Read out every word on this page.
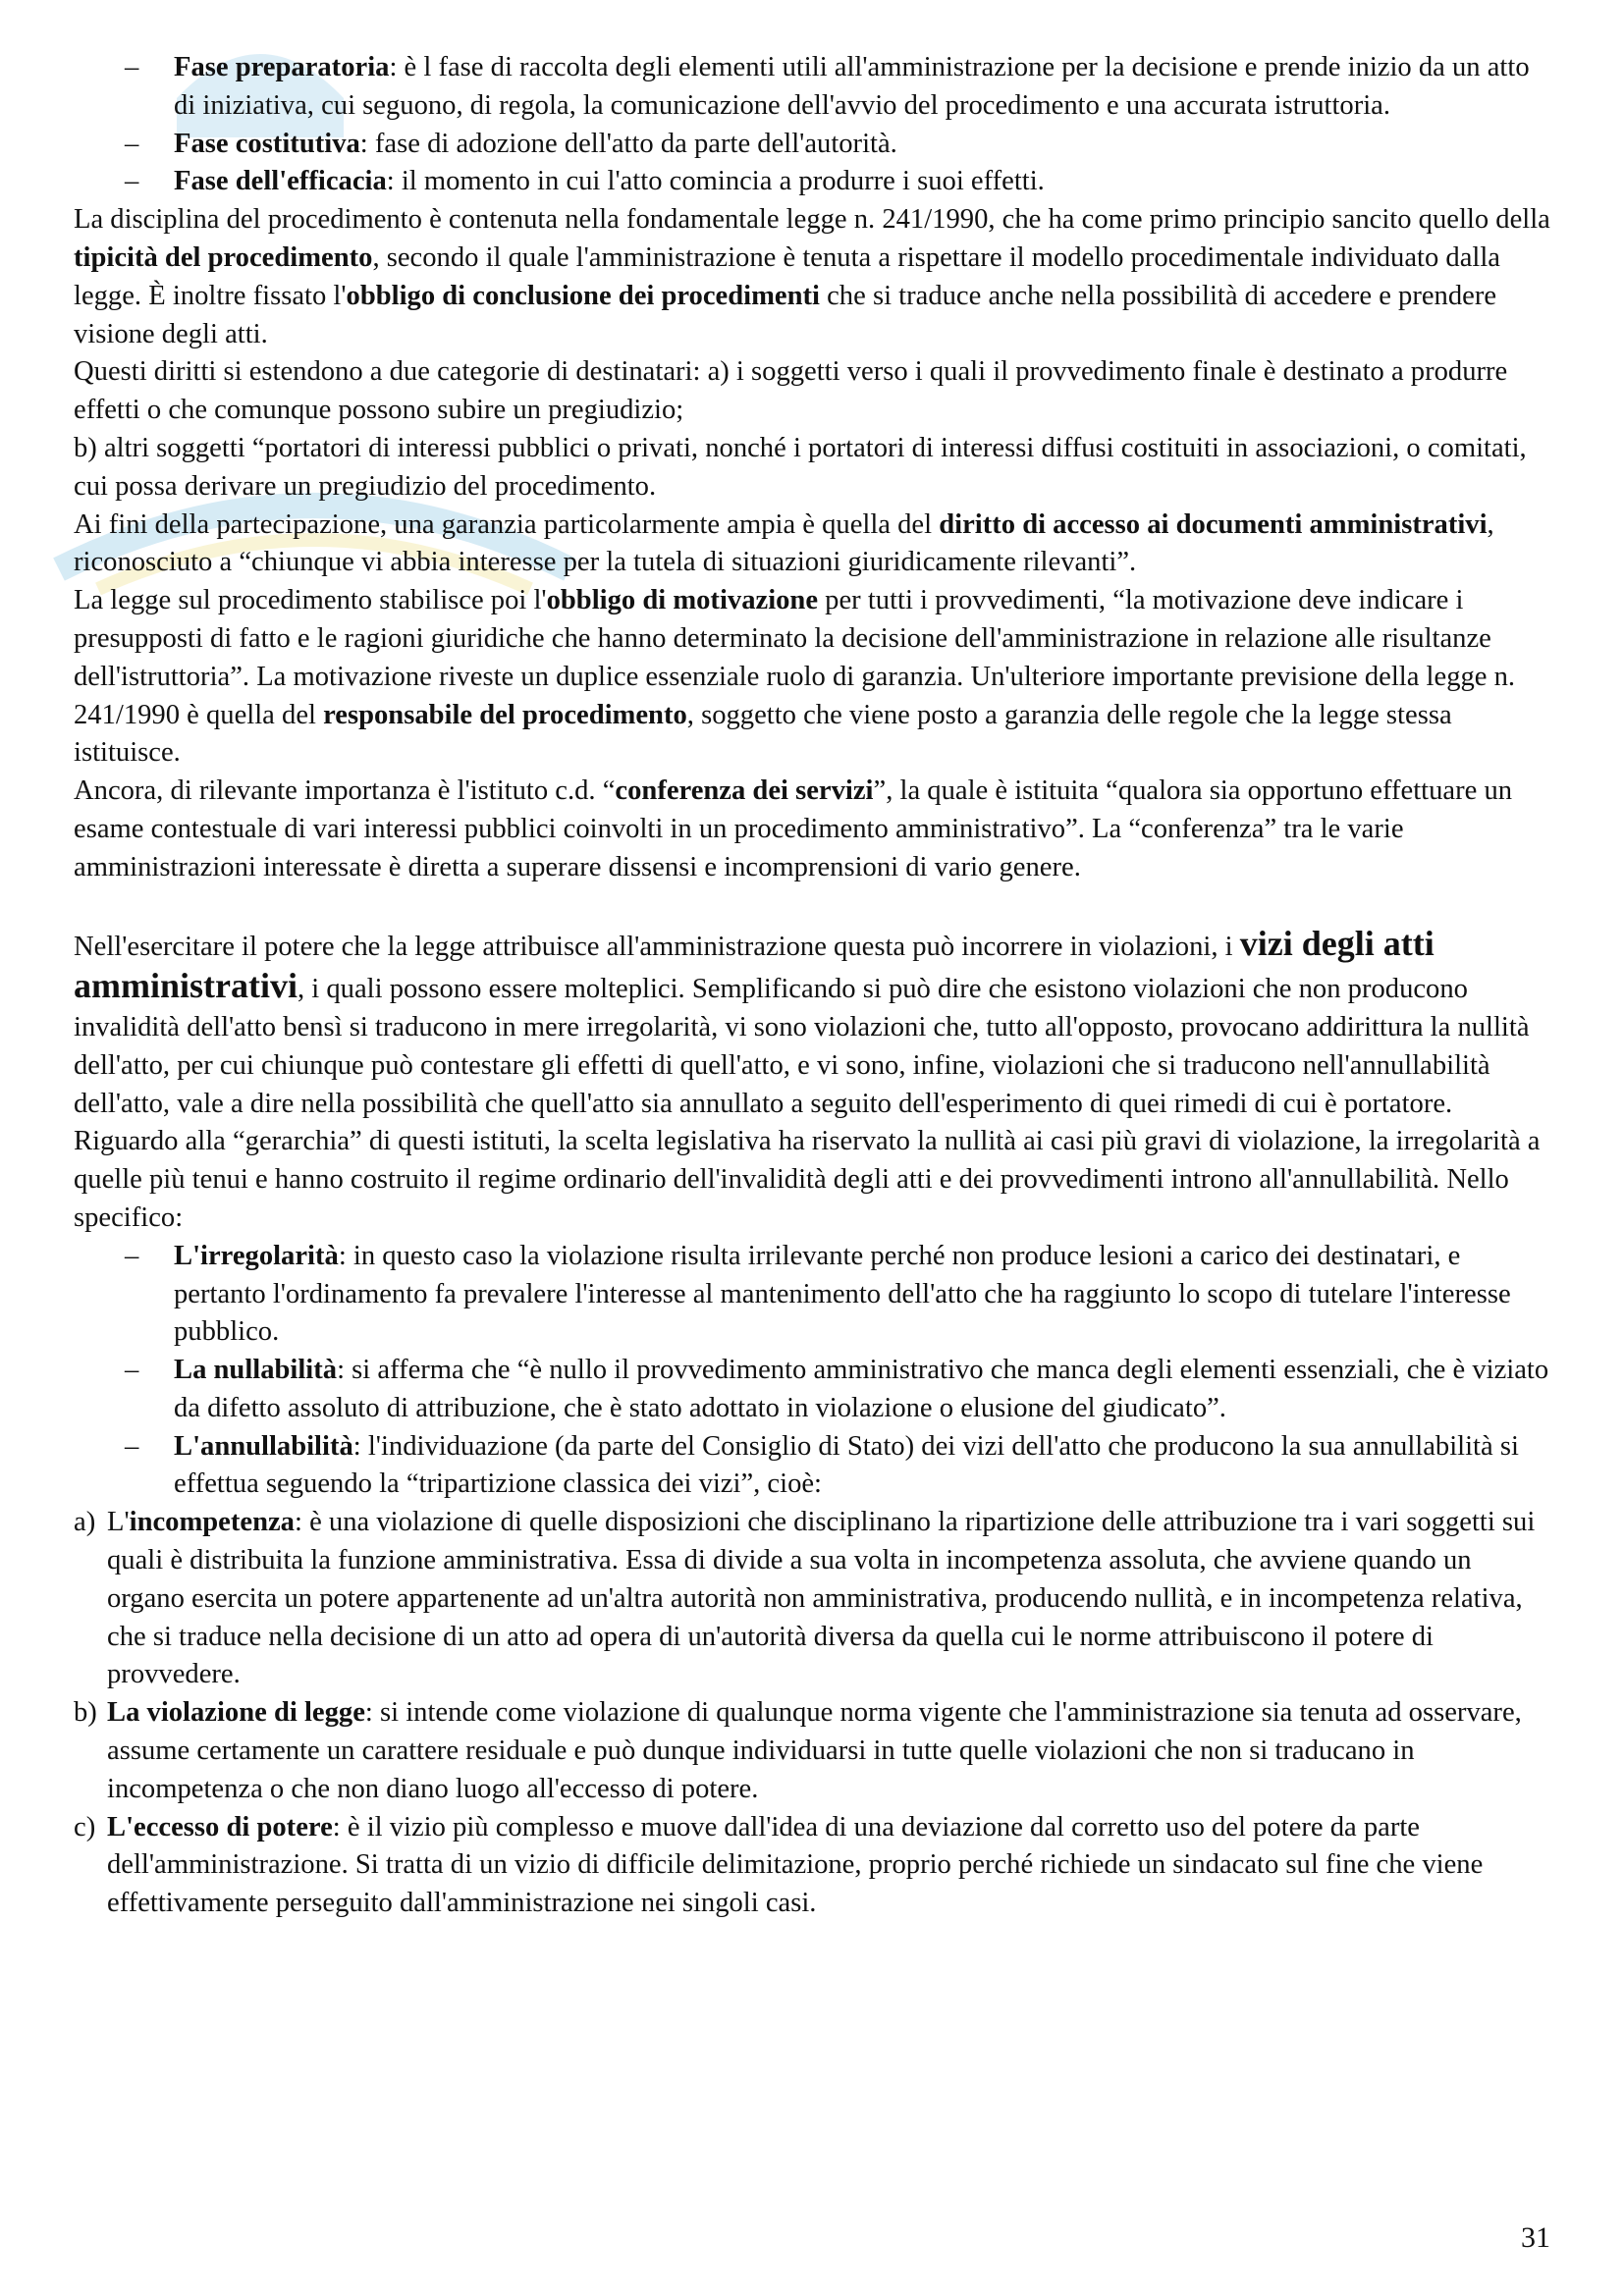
– Fase preparatoria: è l fase di raccolta degli elementi utili all'amministrazione per la decisione e prende inizio da un atto di iniziativa, cui seguono, di regola, la comunicazione dell'avvio del procedimento e una accurata istruttoria.
– Fase costitutiva: fase di adozione dell'atto da parte dell'autorità.
– Fase dell'efficacia: il momento in cui l'atto comincia a produrre i suoi effetti.

La disciplina del procedimento è contenuta nella fondamentale legge n. 241/1990, che ha come primo principio sancito quello della tipicità del procedimento, secondo il quale l'amministrazione è tenuta a rispettare il modello procedimentale individuato dalla legge. È inoltre fissato l'obbligo di conclusione dei procedimenti che si traduce anche nella possibilità di accedere e prendere visione degli atti.

Questi diritti si estendono a due categorie di destinatari: a) i soggetti verso i quali il provvedimento finale è destinato a produrre effetti o che comunque possono subire un pregiudizio;

b) altri soggetti “portatori di interessi pubblici o privati, nonché i portatori di interessi diffusi costituiti in associazioni, o comitati, cui possa derivare un pregiudizio del procedimento.

Ai fini della partecipazione, una garanzia particolarmente ampia è quella del diritto di accesso ai documenti amministrativi, riconosciuto a “chiunque vi abbia interesse per la tutela di situazioni giuridicamente rilevanti”.

La legge sul procedimento stabilisce poi l'obbligo di motivazione per tutti i provvedimenti, “la motivazione deve indicare i presupposti di fatto e le ragioni giuridiche che hanno determinato la decisione dell'amministrazione in relazione alle risultanze dell'istruttoria”. La motivazione riveste un duplice essenziale ruolo di garanzia. Un'ulteriore importante previsione della legge n. 241/1990 è quella del responsabile del procedimento, soggetto che viene posto a garanzia delle regole che la legge stessa istituisce.

Ancora, di rilevante importanza è l'istituto c.d. “conferenza dei servizi”, la quale è istituita “qualora sia opportuno effettuare un esame contestuale di vari interessi pubblici coinvolti in un procedimento amministrativo”. La “conferenza” tra le varie amministrazioni interessate è diretta a superare dissensi e incomprensioni di vario genere.

Nell'esercitare il potere che la legge attribuisce all'amministrazione questa può incorrere in violazioni, i vizi degli atti amministrativi, i quali possono essere molteplici. Semplificando si può dire che esistono violazioni che non producono invalidità dell'atto bensì si traducono in mere irregolarità, vi sono violazioni che, tutto all'opposto, provocano addirittura la nullità dell'atto, per cui chiunque può contestare gli effetti di quell'atto, e vi sono, infine, violazioni che si traducono nell'annullabilità dell'atto, vale a dire nella possibilità che quell'atto sia annullato a seguito dell'esperimento di quei rimedi di cui è portatore. Riguardo alla “gerarchia” di questi istituti, la scelta legislativa ha riservato la nullità ai casi più gravi di violazione, la irregolarità a quelle più tenui e hanno costruito il regime ordinario dell'invalidità degli atti e dei provvedimenti introno all'annullabilità. Nello specifico:

– L'irregolarità: in questo caso la violazione risulta irrilevante perché non produce lesioni a carico dei destinatari, e pertanto l'ordinamento fa prevalere l'interesse al mantenimento dell'atto che ha raggiunto lo scopo di tutelare l'interesse pubblico.
– La nullabilità: si afferma che “è nullo il provvedimento amministrativo che manca degli elementi essenziali, che è viziato da difetto assoluto di attribuzione, che è stato adottato in violazione o elusione del giudicato”.
– L'annullabilità: l'individuazione (da parte del Consiglio di Stato) dei vizi dell'atto che producono la sua annullabilità si effettua seguendo la “tripartizione classica dei vizi”, cioè:
a) L'incompetenza: è una violazione di quelle disposizioni che disciplinano la ripartizione delle attribuzione tra i vari soggetti sui quali è distribuita la funzione amministrativa. Essa di divide a sua volta in incompetenza assoluta, che avviene quando un organo esercita un potere appartenente ad un'altra autorità non amministrativa, producendo nullità, e in incompetenza relativa, che si traduce nella decisione di un atto ad opera di un'autorità diversa da quella cui le norme attribuiscono il potere di provvedere.
b) La violazione di legge: si intende come violazione di qualunque norma vigente che l'amministrazione sia tenuta ad osservare, assume certamente un carattere residuale e può dunque individuarsi in tutte quelle violazioni che non si traducano in incompetenza o che non diano luogo all'eccesso di potere.
c) L'eccesso di potere: è il vizio più complesso e muove dall'idea di una deviazione dal corretto uso del potere da parte dell'amministrazione. Si tratta di un vizio di difficile delimitazione, proprio perché richiede un sindacato sul fine che viene effettivamente perseguito dall'amministrazione nei singoli casi.
31
